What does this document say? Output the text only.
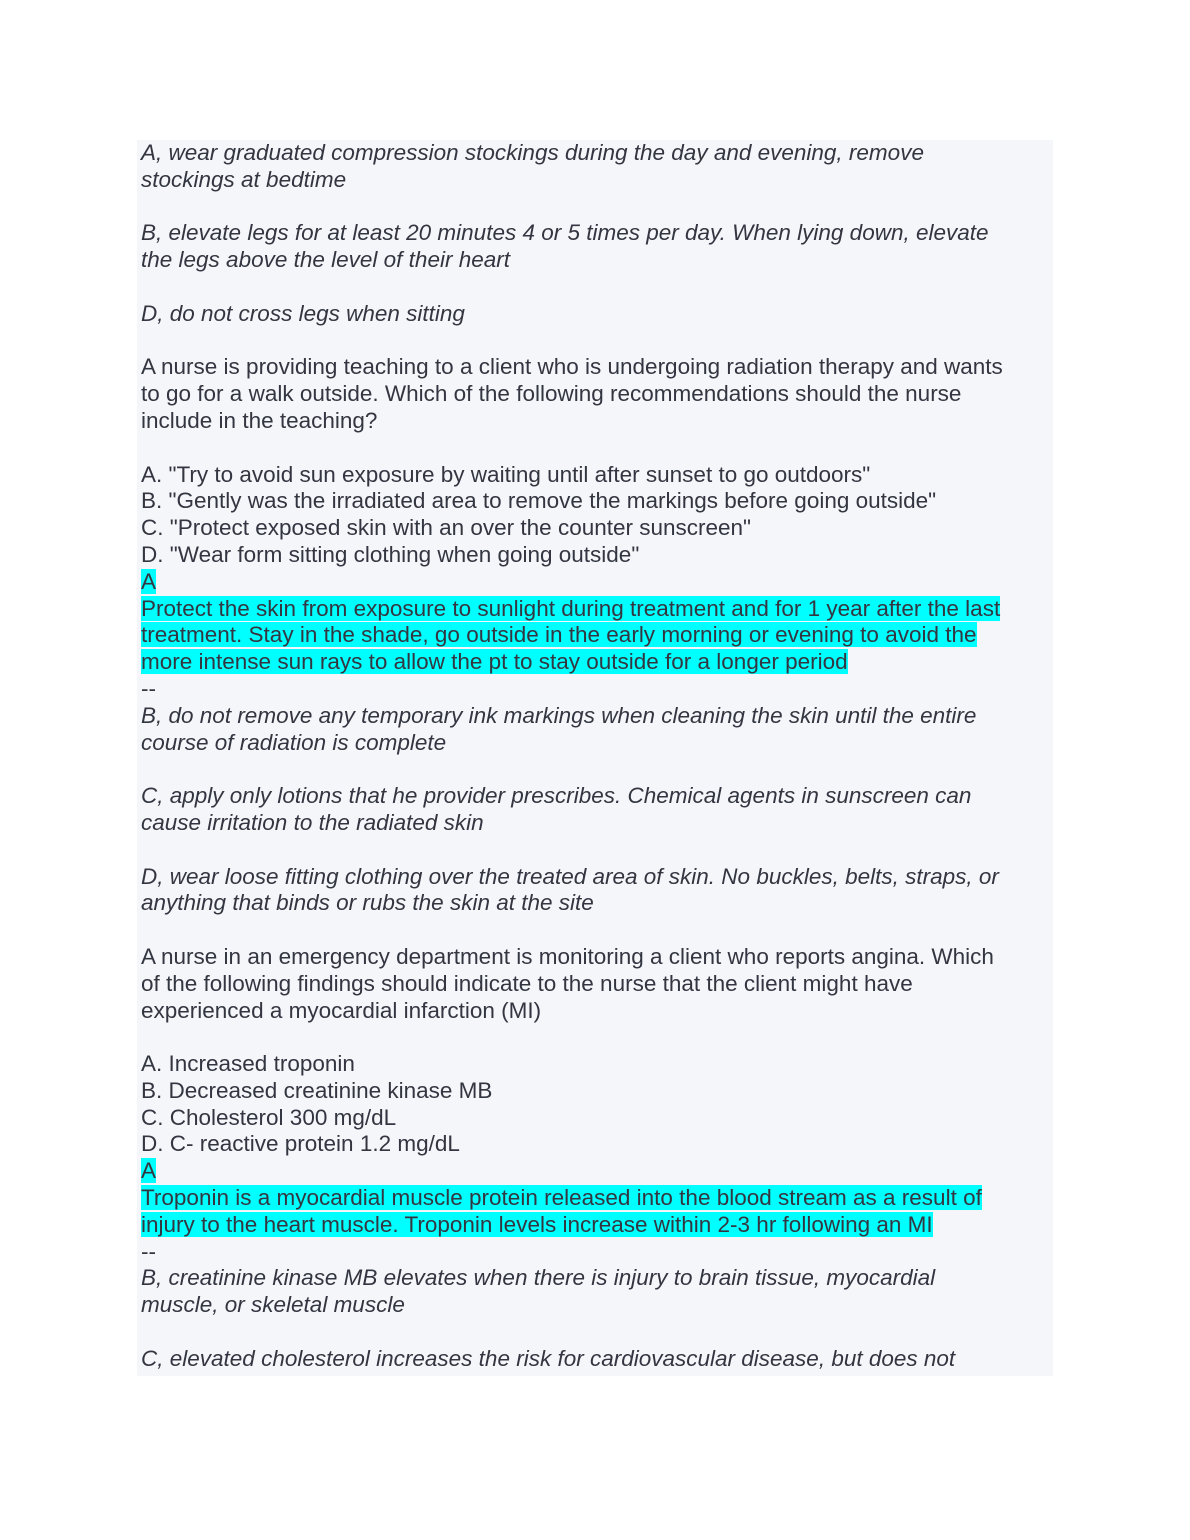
A, wear graduated compression stockings during the day and evening, remove
stockings at bedtime
B, elevate legs for at least 20 minutes 4 or 5 times per day. When lying down, elevate
the legs above the level of their heart
D, do not cross legs when sitting
A nurse is providing teaching to a client who is undergoing radiation therapy and wants
to go for a walk outside. Which of the following recommendations should the nurse
include in the teaching?
A. "Try to avoid sun exposure by waiting until after sunset to go outdoors"
B. "Gently was the irradiated area to remove the markings before going outside"
C. "Protect exposed skin with an over the counter sunscreen"
D. "Wear form sitting clothing when going outside"
A
Protect the skin from exposure to sunlight during treatment and for 1 year after the last
treatment. Stay in the shade, go outside in the early morning or evening to avoid the
more intense sun rays to allow the pt to stay outside for a longer period
--
B, do not remove any temporary ink markings when cleaning the skin until the entire
course of radiation is complete
C, apply only lotions that he provider prescribes. Chemical agents in sunscreen can
cause irritation to the radiated skin
D, wear loose fitting clothing over the treated area of skin. No buckles, belts, straps, or
anything that binds or rubs the skin at the site
A nurse in an emergency department is monitoring a client who reports angina. Which
of the following findings should indicate to the nurse that the client might have
experienced a myocardial infarction (MI)
A. Increased troponin
B. Decreased creatinine kinase MB
C. Cholesterol 300 mg/dL
D. C- reactive protein 1.2 mg/dL
A
Troponin is a myocardial muscle protein released into the blood stream as a result of
injury to the heart muscle. Troponin levels increase within 2-3 hr following an MI
--
B, creatinine kinase MB elevates when there is injury to brain tissue, myocardial
muscle, or skeletal muscle
C, elevated cholesterol increases the risk for cardiovascular disease, but does not
